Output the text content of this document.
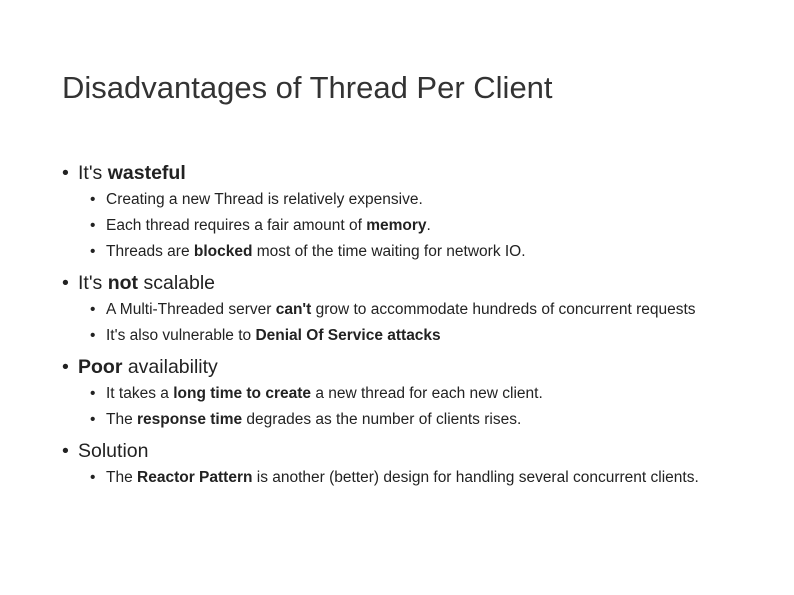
Disadvantages of Thread Per Client
• It's wasteful
• Creating a new Thread is relatively expensive.
• Each thread requires a fair amount of memory.
• Threads are blocked most of the time waiting for network IO.
• It's not scalable
• A Multi-Threaded server can't grow to accommodate hundreds of concurrent requests
• It's also vulnerable to Denial Of Service attacks
• Poor availability
• It takes a long time to create a new thread for each new client.
• The response time degrades as the number of clients rises.
• Solution
• The Reactor Pattern is another (better) design for handling several concurrent clients.
